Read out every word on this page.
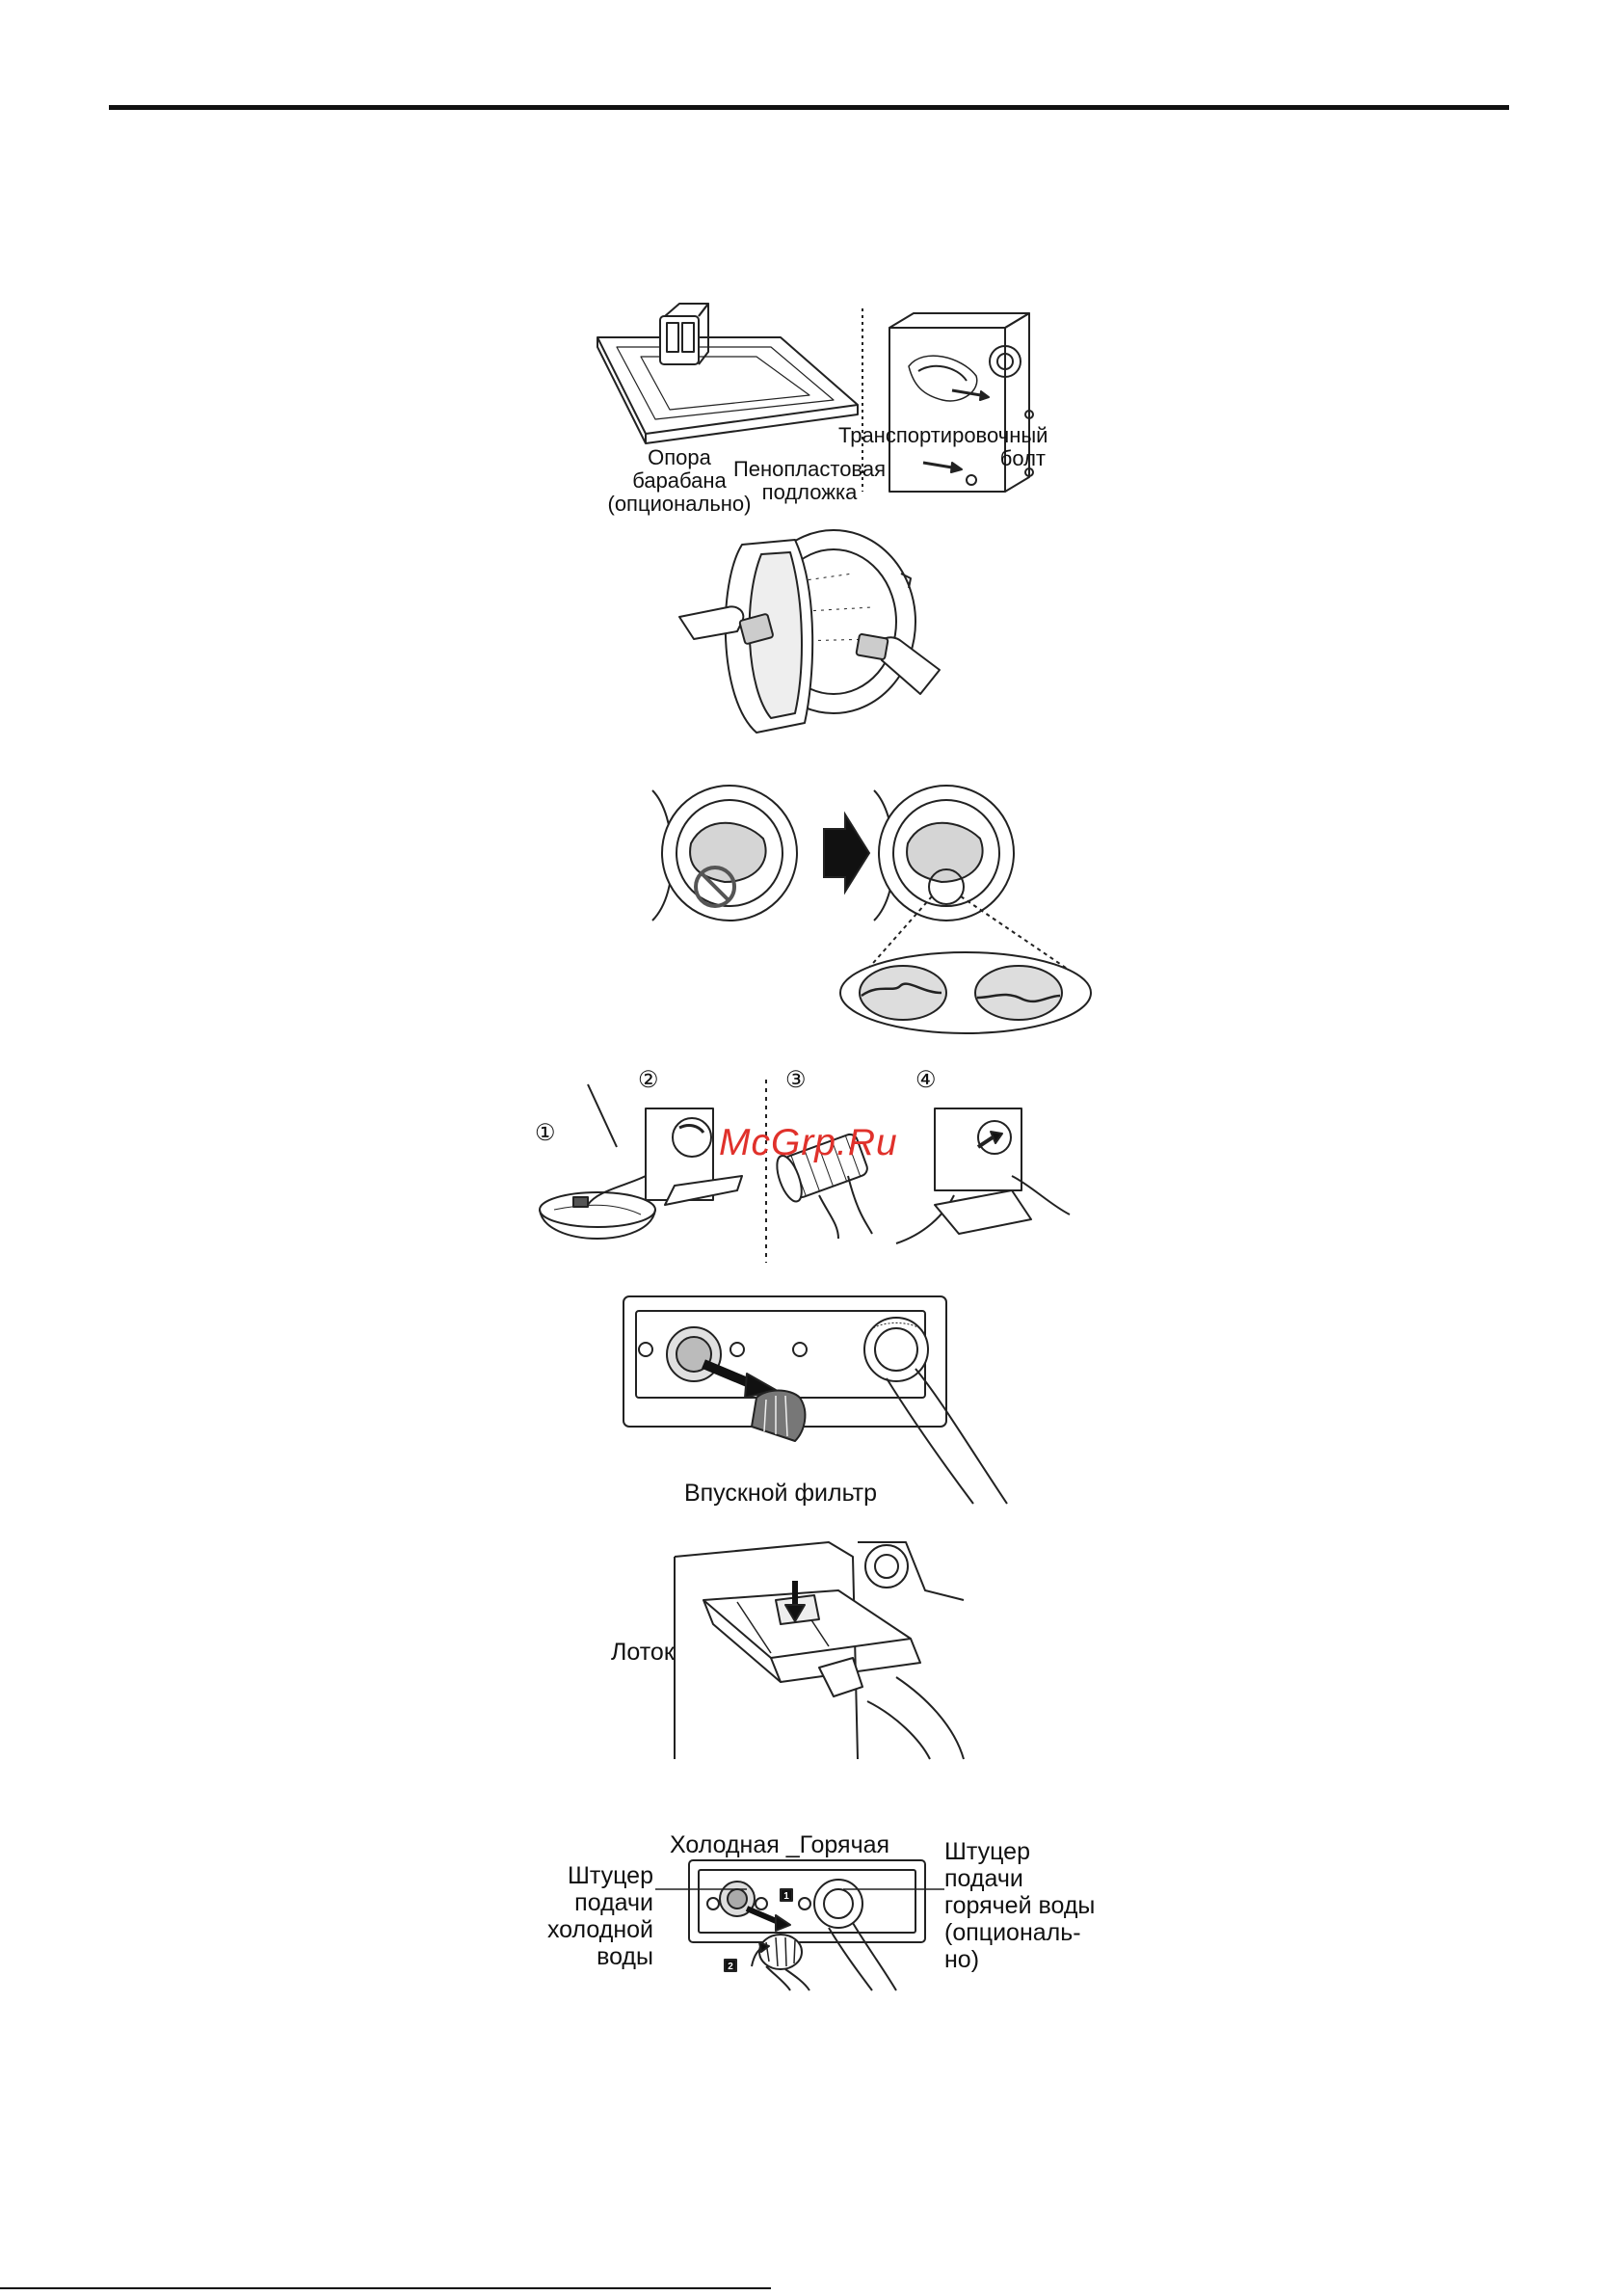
Опора
барабана
(опционально)
Пенопластовая
подложка
Транспортировочный
болт
①
②	③	④
McGrp.Ru
Впускной фильтр
Лоток
Холодная _Горячая
1
2
Штуцер
подачи
холодной
воды
Штуцер
подачи
горячей воды
(опциональ-
но)
